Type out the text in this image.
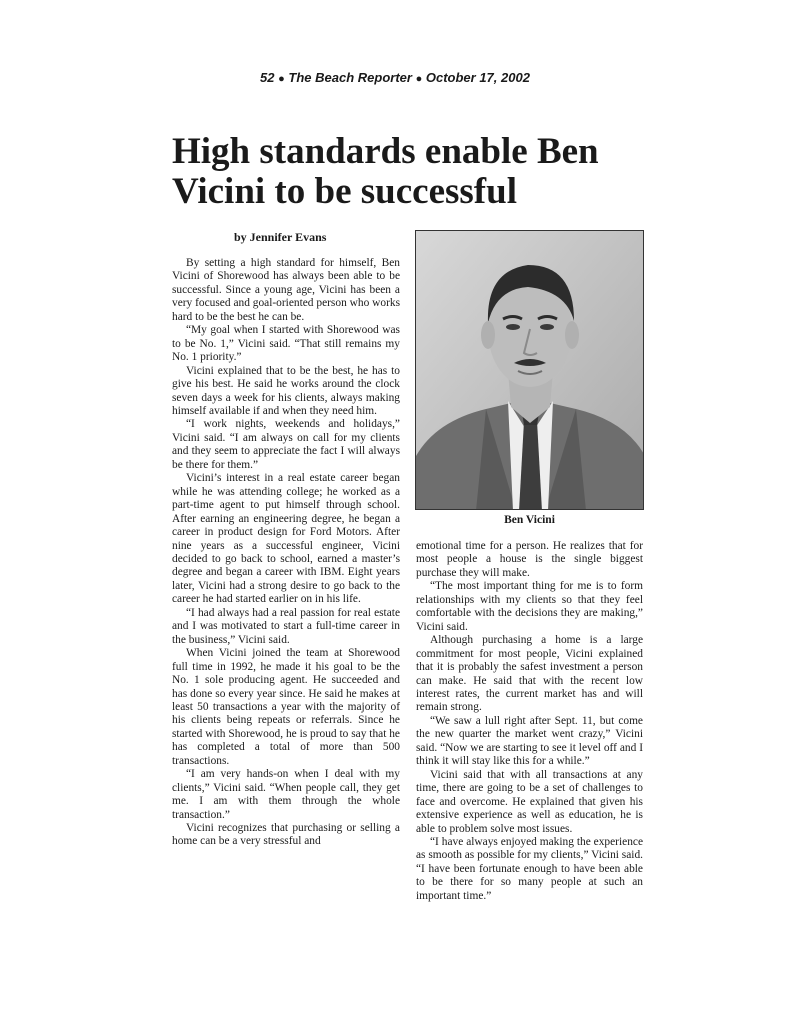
52 ● The Beach Reporter ● October 17, 2002
High standards enable Ben Vicini to be successful
by Jennifer Evans

By setting a high standard for himself, Ben Vicini of Shorewood has always been able to be successful. Since a young age, Vicini has been a very focused and goal-oriented person who works hard to be the best he can be.

“My goal when I started with Shorewood was to be No. 1,” Vicini said. “That still remains my No. 1 priority.”

Vicini explained that to be the best, he has to give his best. He said he works around the clock seven days a week for his clients, always making himself available if and when they need him.

“I work nights, weekends and holidays,” Vicini said. “I am always on call for my clients and they seem to appreciate the fact I will always be there for them.”

Vicini’s interest in a real estate career began while he was attending college; he worked as a part-time agent to put himself through school. After earning an engineering degree, he began a career in product design for Ford Motors. After nine years as a successful engineer, Vicini decided to go back to school, earned a master’s degree and began a career with IBM. Eight years later, Vicini had a strong desire to go back to the career he had started earlier on in his life.

“I had always had a real passion for real estate and I was motivated to start a full-time career in the business,” Vicini said.

When Vicini joined the team at Shorewood full time in 1992, he made it his goal to be the No. 1 sole producing agent. He succeeded and has done so every year since. He said he makes at least 50 transactions a year with the majority of his clients being repeats or referrals. Since he started with Shorewood, he is proud to say that he has completed a total of more than 500 transactions.

“I am very hands-on when I deal with my clients,” Vicini said. “When people call, they get me. I am with them through the whole transaction.”

Vicini recognizes that purchasing or selling a home can be a very stressful and

Ben Vicini

emotional time for a person. He realizes that for most people a house is the single biggest purchase they will make.

“The most important thing for me is to form relationships with my clients so that they feel comfortable with the decisions they are making,” Vicini said.

Although purchasing a home is a large commitment for most people, Vicini explained that it is probably the safest investment a person can make. He said that with the recent low interest rates, the current market has and will remain strong.

“We saw a lull right after Sept. 11, but come the new quarter the market went crazy,” Vicini said. “Now we are starting to see it level off and I think it will stay like this for a while.”

Vicini said that with all transactions at any time, there are going to be a set of challenges to face and overcome. He explained that given his extensive experience as well as education, he is able to problem solve most issues.

“I have always enjoyed making the experience as smooth as possible for my clients,” Vicini said. “I have been fortunate enough to have been able to be there for so many people at such an important time.”
